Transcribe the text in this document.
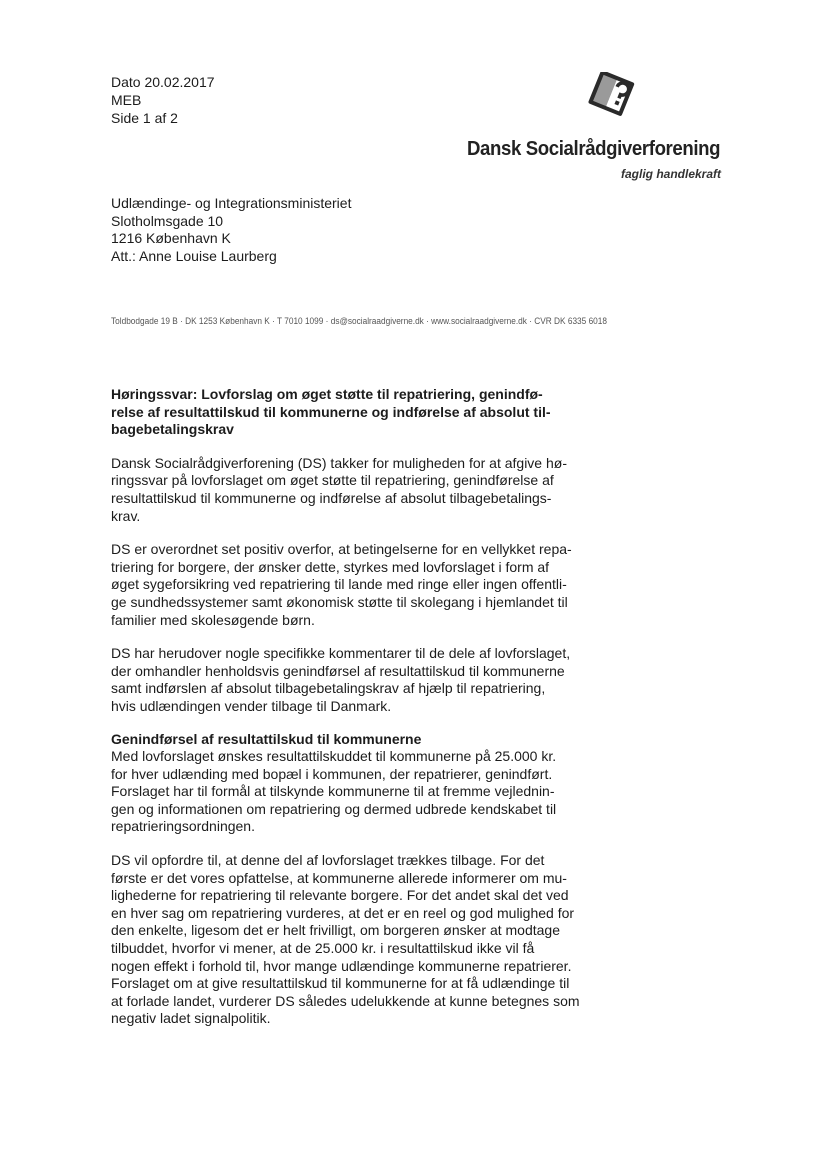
Dato 20.02.2017
MEB
Side 1 af 2
Dansk Socialrådgiverforening
faglig handlekraft
Udlændinge- og Integrationsministeriet
Slotholmsgade 10
1216 København K
Att.: Anne Louise Laurberg
Toldbodgade 19 B · DK 1253 København K · T 7010 1099 · ds@socialraadgiverne.dk · www.socialraadgiverne.dk · CVR DK 6335 6018
Høringssvar: Lovforslag om øget støtte til repatriering, genindfø-
relse af resultattilskud til kommunerne og indførelse af absolut til-
bagebetalingskrav
Dansk Socialrådgiverforening (DS) takker for muligheden for at afgive hø-
ringssvar på lovforslaget om øget støtte til repatriering, genindførelse af
resultattilskud til kommunerne og indførelse af absolut tilbagebetalings-
krav.
DS er overordnet set positiv overfor, at betingelserne for en vellykket repa-
triering for borgere, der ønsker dette, styrkes med lovforslaget i form af
øget sygeforsikring ved repatriering til lande med ringe eller ingen offentli-
ge sundhedssystemer samt økonomisk støtte til skolegang i hjemlandet til
familier med skolesøgende børn.
DS har herudover nogle specifikke kommentarer til de dele af lovforslaget,
der omhandler henholdsvis genindførsel af resultattilskud til kommunerne
samt indførslen af absolut tilbagebetalingskrav af hjælp til repatriering,
hvis udlændingen vender tilbage til Danmark.
Genindførsel af resultattilskud til kommunerne
Med lovforslaget ønskes resultattilskuddet til kommunerne på 25.000 kr.
for hver udlænding med bopæl i kommunen, der repatrierer, genindført.
Forslaget har til formål at tilskynde kommunerne til at fremme vejlednin-
gen og informationen om repatriering og dermed udbrede kendskabet til
repatrieringsordningen.
DS vil opfordre til, at denne del af lovforslaget trækkes tilbage. For det
første er det vores opfattelse, at kommunerne allerede informerer om mu-
lighederne for repatriering til relevante borgere. For det andet skal det ved
en hver sag om repatriering vurderes, at det er en reel og god mulighed for
den enkelte, ligesom det er helt frivilligt, om borgeren ønsker at modtage
tilbuddet, hvorfor vi mener, at de 25.000 kr. i resultattilskud ikke vil få
nogen effekt i forhold til, hvor mange udlændinge kommunerne repatrierer.
Forslaget om at give resultattilskud til kommunerne for at få udlændinge til
at forlade landet, vurderer DS således udelukkende at kunne betegnes som
negativ ladet signalpolitik.
